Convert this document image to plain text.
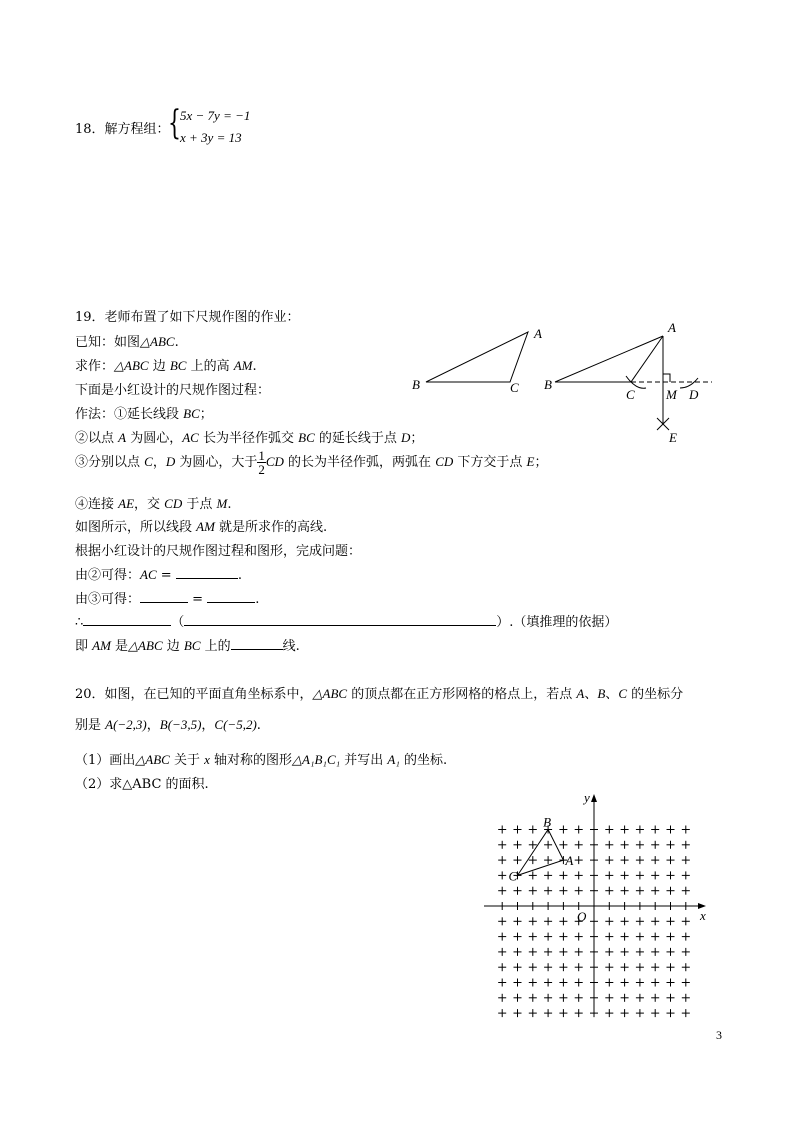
18．解方程组：
{ 5x − 7y = −1
x + 3y = 13
19．老师布置了如下尺规作图的作业：
已知：如图△ABC.
求作：△ABC 边 BC 上的高 AM.
下面是小红设计的尺规作图过程：
作法：①延长线段 BC；
②以点 A 为圆心，AC 长为半径作弧交 BC 的延长线于点 D；
③分别以点 C，D 为圆心，大于 $\frac{1}{2}$ CD 的长为半径作弧，两弧在 CD 下方交于点 E；
④连接 AE，交 CD 于点 M.
如图所示，所以线段 AM 就是所求作的高线.
根据小红设计的尺规作图过程和图形，完成问题：
由②可得：AC =	.
由③可得：	=	.
∴	（	）.（填推理的依据）
即 AM 是△ABC 边 BC 上的	线.
A
B	C
A
B
C M D
E
20．如图，在已知的平面直角坐标系中，△ABC 的顶点都在正方形网格的格点上，若点 A、B、C 的坐标分
别是 A(−2,3)，B(−3,5)，C(−5,2).
（1）画出△ABC 关于 x 轴对称的图形△A₁B₁C₁ 并写出 A₁ 的坐标.
（2）求△ABC 的面积.
x
y
O
A
B
C
3
